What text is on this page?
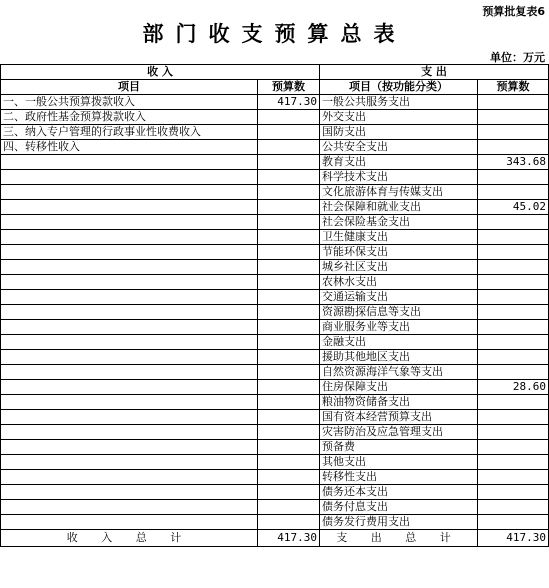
预算批复表6
部门收支预算总表
单位：万元
收 入		支 出	
项目	预算数	项目（按功能分类）	预算数
一、一般公共预算拨款收入	417.30	一般公共服务支出	
二、政府性基金预算拨款收入		外交支出	
三、纳入专户管理的行政事业性收费收入		国防支出	
四、转移性收入		公共安全支出	
		教育支出	343.68
		科学技术支出	
		文化旅游体育与传媒支出	
		社会保障和就业支出	45.02
		社会保险基金支出	
		卫生健康支出	
		节能环保支出	
		城乡社区支出	
		农林水支出	
		交通运输支出	
		资源勘探信息等支出	
		商业服务业等支出	
		金融支出	
		援助其他地区支出	
		自然资源海洋气象等支出	
		住房保障支出	28.60
		粮油物资储备支出	
		国有资本经营预算支出	
		灾害防治及应急管理支出	
		预备费	
		其他支出	
		转移性支出	
		债务还本支出	
		债务付息支出	
		债务发行费用支出	
收 入 总 计	417.30	支 出 总 计	417.30
